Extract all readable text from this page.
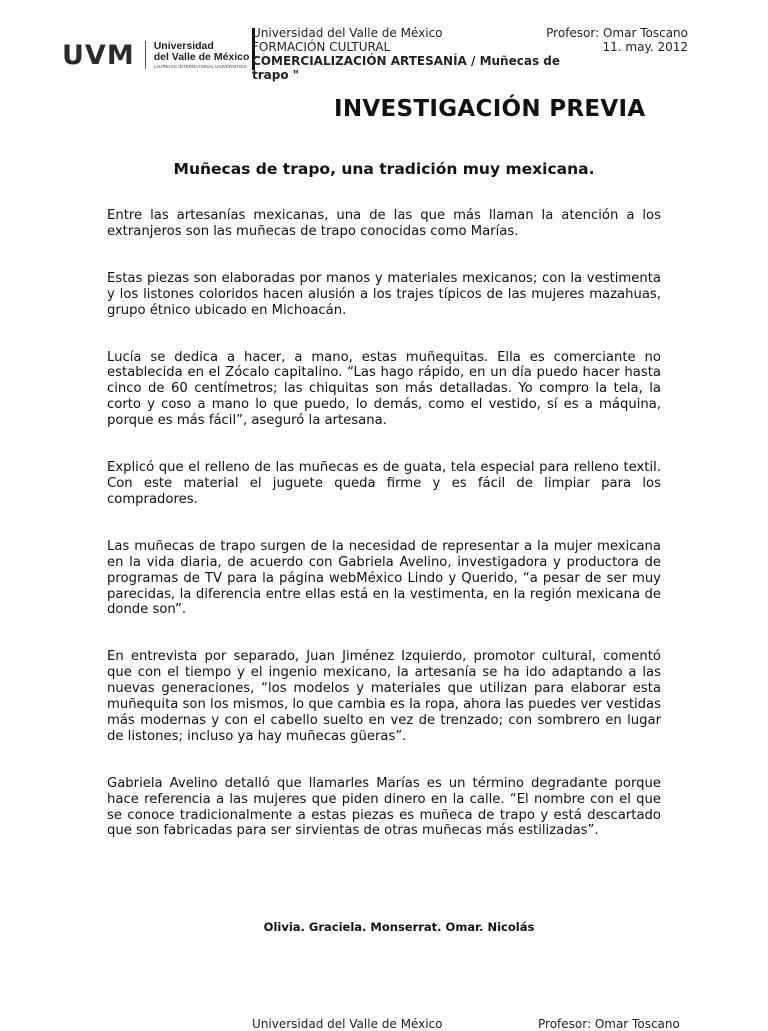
UVM Universidad
del Valle de México
LAUREATE INTERNATIONAL UNIVERSITIES
Universidad del Valle de México
FORMACIÓN CULTURAL
COMERCIALIZACIÓN ARTESANÍA / Muñecas de trapo "
Profesor: Omar Toscano
11. may. 2012
INVESTIGACIÓN PREVIA
Muñecas de trapo, una tradición muy mexicana.

Entre las artesanías mexicanas, una de las que más llaman la atención a los extranjeros son las muñecas de trapo conocidas como Marías.

Estas piezas son elaboradas por manos y materiales mexicanos; con la vestimenta y los listones coloridos hacen alusión a los trajes típicos de las mujeres mazahuas, grupo étnico ubicado en Michoacán.

Lucía se dedica a hacer, a mano, estas muñequitas. Ella es comerciante no establecida en el Zócalo capitalino. “Las hago rápido, en un día puedo hacer hasta cinco de 60 centímetros; las chiquitas son más detalladas. Yo compro la tela, la corto y coso a mano lo que puedo, lo demás, como el vestido, sí es a máquina, porque es más fácil”, aseguró la artesana.

Explicó que el relleno de las muñecas es de guata, tela especial para relleno textil. Con este material el juguete queda firme y es fácil de limpiar para los compradores.

Las muñecas de trapo surgen de la necesidad de representar a la mujer mexicana en la vida diaria, de acuerdo con Gabriela Avelino, investigadora y productora de programas de TV para la página webMéxico Lindo y Querido, “a pesar de ser muy parecidas, la diferencia entre ellas está en la vestimenta, en la región mexicana de donde son”.

En entrevista por separado, Juan Jiménez Izquierdo, promotor cultural, comentó que con el tiempo y el ingenio mexicano, la artesanía se ha ido adaptando a las nuevas generaciones, “los modelos y materiales que utilizan para elaborar esta muñequita son los mismos, lo que cambia es la ropa, ahora las puedes ver vestidas más modernas y con el cabello suelto en vez de trenzado; con sombrero en lugar de listones; incluso ya hay muñecas güeras”.

Gabriela Avelino detalló que llamarles Marías es un término degradante porque hace referencia a las mujeres que piden dinero en la calle. “El nombre con el que se conoce tradicionalmente a estas piezas es muñeca de trapo y está descartado que son fabricadas para ser sirvientas de otras muñecas más estilizadas”.

Olivia. Graciela. Monserrat. Omar. Nicolás
Universidad del Valle de México	Profesor: Omar Toscano
